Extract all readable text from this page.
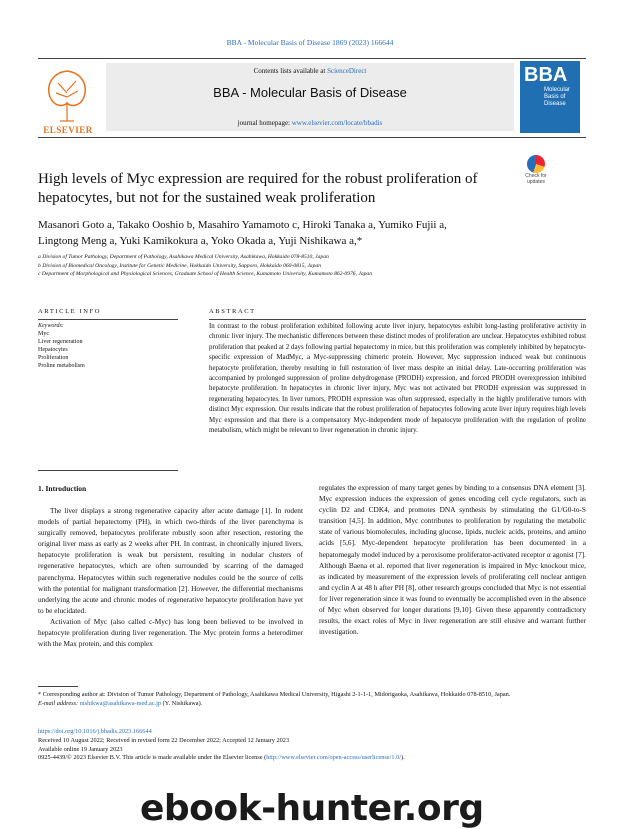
BBA - Molecular Basis of Disease 1869 (2023) 166644
ELSEVIER
Contents lists available at ScienceDirect
BBA - Molecular Basis of Disease
journal homepage: www.elsevier.com/locate/bbadis
BBA
Molecular Basis of Disease
High levels of Myc expression are required for the robust proliferation of hepatocytes, but not for the sustained weak proliferation
Check for updates
Masanori Goto a, Takako Ooshio b, Masahiro Yamamoto c, Hiroki Tanaka a, Yumiko Fujii a,
Lingtong Meng a, Yuki Kamikokura a, Yoko Okada a, Yuji Nishikawa a,*
a Division of Tumor Pathology, Department of Pathology, Asahikawa Medical University, Asahikawa, Hokkaido 078-8510, Japan
b Division of Biomedical Oncology, Institute for Genetic Medicine, Hokkaido University, Sapporo, Hokkaido 060-0815, Japan
c Department of Morphological and Physiological Sciences, Graduate School of Health Science, Kumamoto University, Kumamoto 862-0976, Japan
ARTICLE INFO	ABSTRACT
Keywords:
Myc
Liver regeneration
Hepatocytes
Proliferation
Proline metabolism
In contrast to the robust proliferation exhibited following acute liver injury, hepatocytes exhibit long-lasting proliferative activity in chronic liver injury. The mechanistic differences between these distinct modes of proliferation are unclear. Hepatocytes exhibited robust proliferation that peaked at 2 days following partial hepatectomy in mice, but this proliferation was completely inhibited by hepatocyte-specific expression of MadMyc, a Myc-suppressing chimeric protein. However, Myc suppression induced weak but continuous hepatocyte proliferation, thereby resulting in full restoration of liver mass despite an initial delay. Late-occurring proliferation was accompanied by prolonged suppression of proline dehydrogenase (PRODH) expression, and forced PRODH overexpression inhibited hepatocyte proliferation. In hepatocytes in chronic liver injury, Myc was not activated but PRODH expression was suppressed in regenerating hepatocytes. In liver tumors, PRODH expression was often suppressed, especially in the highly proliferative tumors with distinct Myc expression. Our results indicate that the robust proliferation of hepatocytes following acute liver injury requires high levels Myc expression and that there is a compensatory Myc-independent mode of hepatocyte proliferation with the regulation of proline metabolism, which might be relevant to liver regeneration in chronic injury.
1. Introduction

The liver displays a strong regenerative capacity after acute damage [1]. In rodent models of partial hepatectomy (PH), in which two-thirds of the liver parenchyma is surgically removed, hepatocytes proliferate robustly soon after resection, restoring the original liver mass as early as 2 weeks after PH. In contrast, in chronically injured livers, hepatocyte proliferation is weak but persistent, resulting in nodular clusters of regenerative hepatocytes, which are often surrounded by scarring of the damaged parenchyma. Hepatocytes within such regenerative nodules could be the source of cells with the potential for malignant transformation [2]. However, the differential mechanisms underlying the acute and chronic modes of regenerative hepatocyte proliferation have yet to be elucidated.

Activation of Myc (also called c-Myc) has long been believed to be involved in hepatocyte proliferation during liver regeneration. The Myc protein forms a heterodimer with the Max protein, and this complex

regulates the expression of many target genes by binding to a consensus DNA element [3]. Myc expression induces the expression of genes encoding cell cycle regulators, such as cyclin D2 and CDK4, and promotes DNA synthesis by stimulating the G1/G0-to-S transition [4,5]. In addition, Myc contributes to proliferation by regulating the metabolic state of various biomolecules, including glucose, lipids, nucleic acids, proteins, and amino acids [5,6]. Myc-dependent hepatocyte proliferation has been documented in a hepatomegaly model induced by a peroxisome proliferator-activated receptor α agonist [7]. Although Baena et al. reported that liver regeneration is impaired in Myc knockout mice, as indicated by measurement of the expression levels of proliferating cell nuclear antigen and cyclin A at 48 h after PH [8], other research groups concluded that Myc is not essential for liver regeneration since it was found to eventually be accomplished even in the absence of Myc when observed for longer durations [9,10]. Given these apparently contradictory results, the exact roles of Myc in liver regeneration are still elusive and warrant further investigation.

* Corresponding author at: Division of Tumor Pathology, Department of Pathology, Asahikawa Medical University, Higashi 2-1-1-1, Midorigaoka, Asahikawa, Hokkaido 078-8510, Japan.
E-mail address: nishikwa@asahikawa-med.ac.jp (Y. Nishikawa).
https://doi.org/10.1016/j.bbadis.2023.166644
Received 10 August 2022; Received in revised form 22 December 2022; Accepted 12 January 2023
Available online 19 January 2023
0925-4439/© 2023 Elsevier B.V. This article is made available under the Elsevier license (http://www.elsevier.com/open-access/userlicense/1.0/).
ebook-hunter.org
